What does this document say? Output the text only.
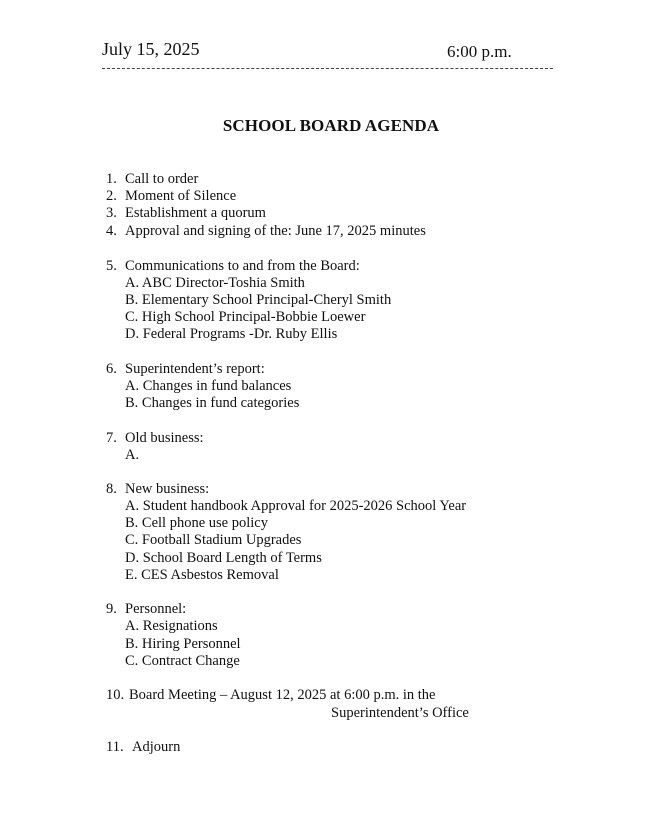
July 15, 2025	6:00 p.m.
SCHOOL BOARD AGENDA
1. Call to order
2. Moment of Silence
3. Establishment a quorum
4. Approval and signing of the: June 17, 2025 minutes
5. Communications to and from the Board:
A. ABC Director-Toshia Smith
B. Elementary School Principal-Cheryl Smith
C. High School Principal-Bobbie Loewer
D. Federal Programs -Dr. Ruby Ellis
6. Superintendent’s report:
A. Changes in fund balances
B. Changes in fund categories
7. Old business:
A.
8. New business:
A. Student handbook Approval for 2025-2026 School Year
B. Cell phone use policy
C. Football Stadium Upgrades
D. School Board Length of Terms
E. CES Asbestos Removal
9. Personnel:
A. Resignations
B. Hiring Personnel
C. Contract Change
10. Board Meeting – August 12, 2025 at 6:00 p.m. in the
Superintendent’s Office
11. Adjourn
